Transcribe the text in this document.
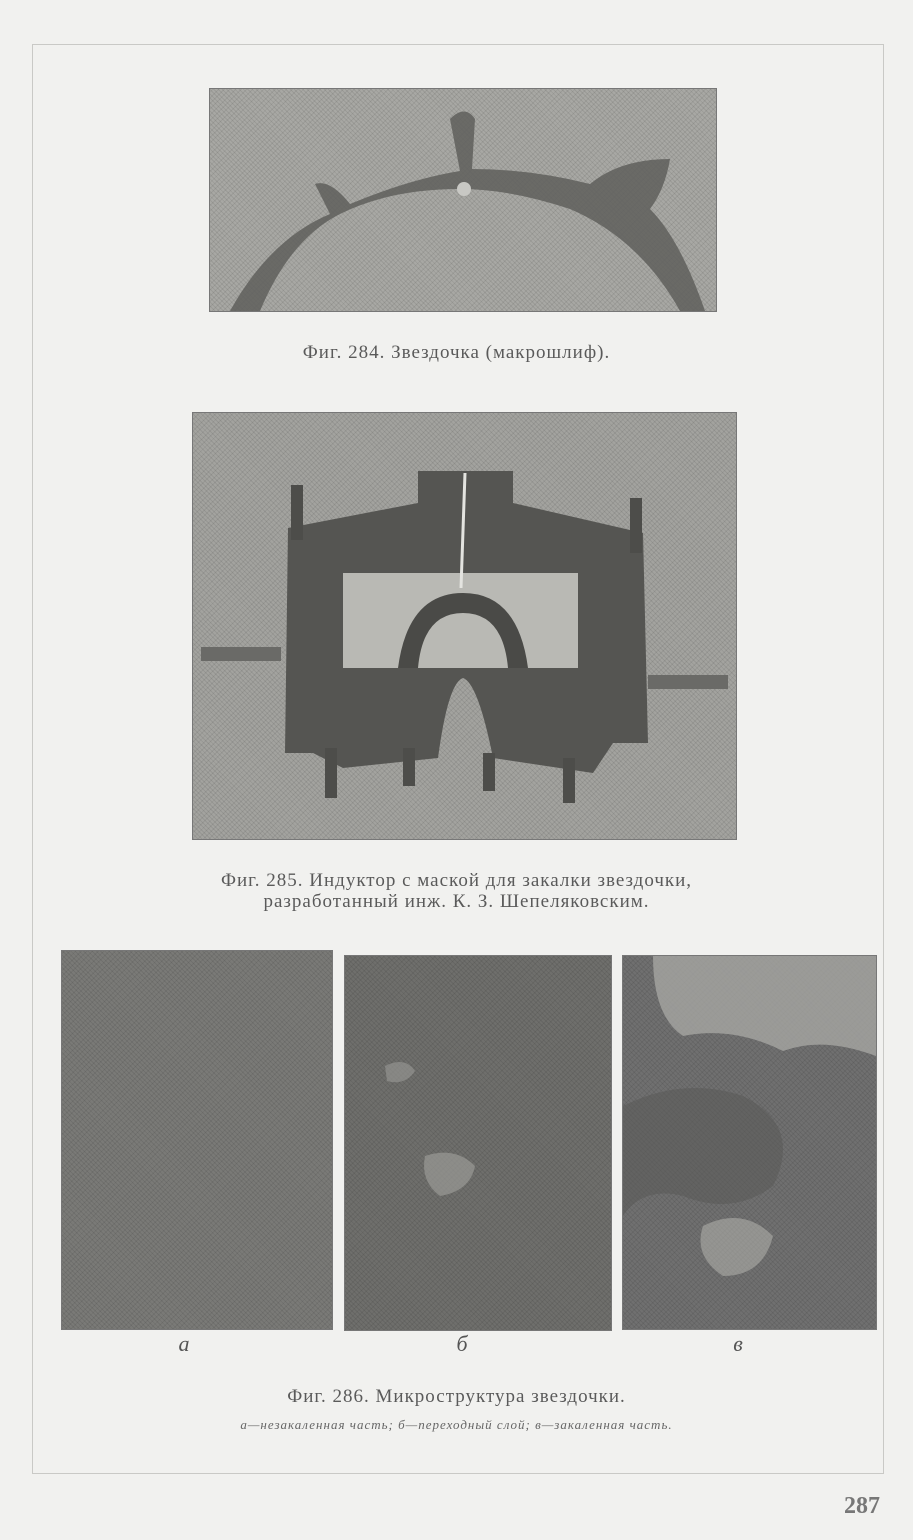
Фиг. 284. Звездочка (макрошлиф).
Фиг. 285. Индуктор с маской для закалки звездочки,
разработанный инж. К. З. Шепеляковским.
а	б	в
Фиг. 286. Микроструктура звездочки.
а—незакаленная часть; б—переходный слой; в—закаленная часть.
287
